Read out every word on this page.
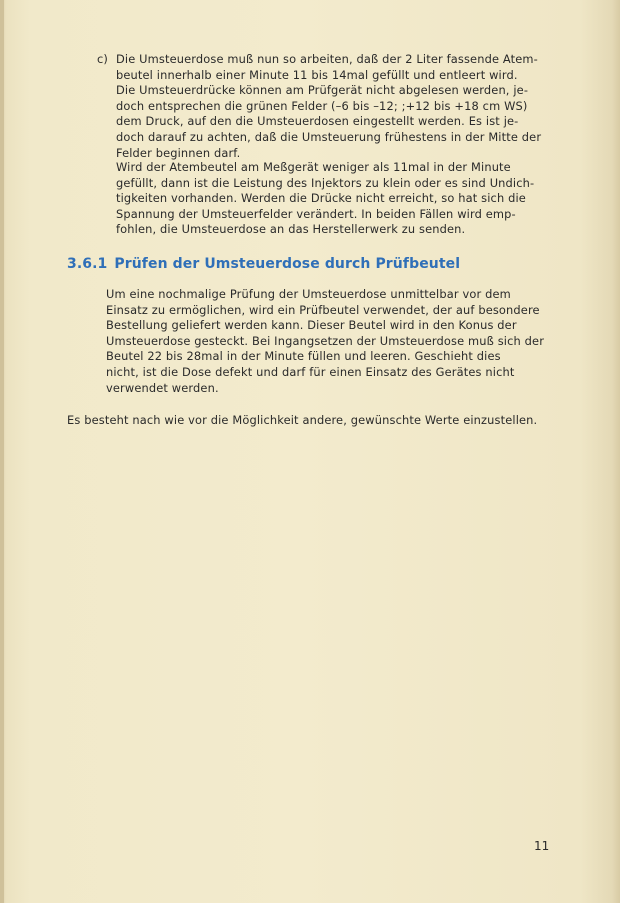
c) Die Umsteuerdose muß nun so arbeiten, daß der 2 Liter fassende Atem-
beutel innerhalb einer Minute 11 bis 14mal gefüllt und entleert wird.
Die Umsteuerdrücke können am Prüfgerät nicht abgelesen werden, je-
doch entsprechen die grünen Felder (–6 bis –12; ;+12 bis +18 cm WS)
dem Druck, auf den die Umsteuerdosen eingestellt werden. Es ist je-
doch darauf zu achten, daß die Umsteuerung frühestens in der Mitte der
Felder beginnen darf.

Wird der Atembeutel am Meßgerät weniger als 11mal in der Minute
gefüllt, dann ist die Leistung des Injektors zu klein oder es sind Undich-
tigkeiten vorhanden. Werden die Drücke nicht erreicht, so hat sich die
Spannung der Umsteuerfelder verändert. In beiden Fällen wird emp-
fohlen, die Umsteuerdose an das Herstellerwerk zu senden.

3.6.1 Prüfen der Umsteuerdose durch Prüfbeutel

Um eine nochmalige Prüfung der Umsteuerdose unmittelbar vor dem
Einsatz zu ermöglichen, wird ein Prüfbeutel verwendet, der auf besondere
Bestellung geliefert werden kann. Dieser Beutel wird in den Konus der
Umsteuerdose gesteckt. Bei Ingangsetzen der Umsteuerdose muß sich der
Beutel 22 bis 28mal in der Minute füllen und leeren. Geschieht dies
nicht, ist die Dose defekt und darf für einen Einsatz des Gerätes nicht
verwendet werden.

Es besteht nach wie vor die Möglichkeit andere, gewünschte Werte einzustellen.

11
